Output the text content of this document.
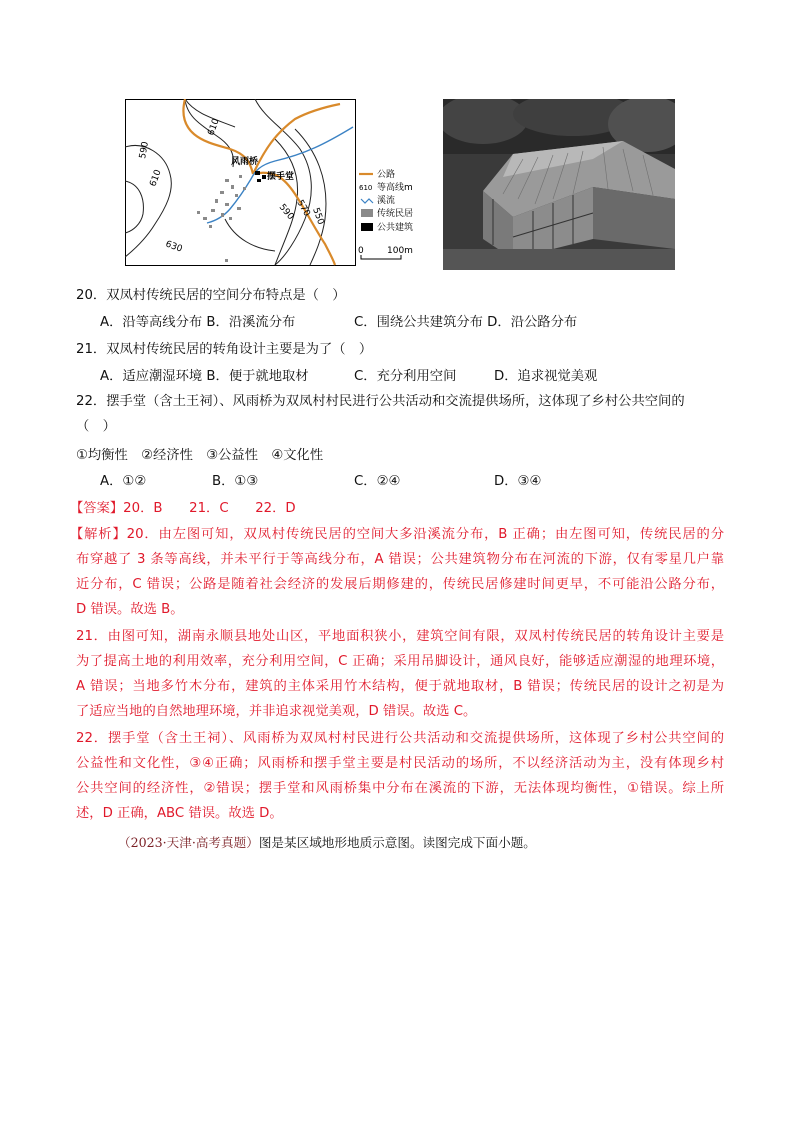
610
590
610
630
590
570
550
风雨桥
摆手堂	公路
610 等高线m
溪流
传统民居
公共建筑
0	100m
20．双凤村传统民居的空间分布特点是（　）
A．沿等高线分布 B．沿溪流分布	C．围绕公共建筑分布 D．沿公路分布
21．双凤村传统民居的转角设计主要是为了（　）
A．适应潮湿环境 B．便于就地取材	C．充分利用空间	D．追求视觉美观
22．摆手堂（含土王祠）、风雨桥为双凤村村民进行公共活动和交流提供场所，这体现了乡村公共空间的
（　）
①均衡性　②经济性　③公益性　④文化性
A．①②	B．①③	C．②④	D．③④
【答案】20．B　　21．C　　22．D
【解析】20．由左图可知，双凤村传统民居的空间大多沿溪流分布，B 正确；由左图可知，传统民居的分
布穿越了 3 条等高线，并未平行于等高线分布，A 错误；公共建筑物分布在河流的下游，仅有零星几户靠
近分布，C 错误；公路是随着社会经济的发展后期修建的，传统民居修建时间更早，不可能沿公路分布，
D 错误。故选 B。
21．由图可知，湖南永顺县地处山区，平地面积狭小，建筑空间有限，双凤村传统民居的转角设计主要是
为了提高土地的利用效率，充分利用空间，C 正确；采用吊脚设计，通风良好，能够适应潮湿的地理环境，
A 错误；当地多竹木分布，建筑的主体采用竹木结构，便于就地取材，B 错误；传统民居的设计之初是为
了适应当地的自然地理环境，并非追求视觉美观，D 错误。故选 C。
22．摆手堂（含土王祠）、风雨桥为双凤村村民进行公共活动和交流提供场所，这体现了乡村公共空间的
公益性和文化性，③④正确；风雨桥和摆手堂主要是村民活动的场所，不以经济活动为主，没有体现乡村
公共空间的经济性，②错误；摆手堂和风雨桥集中分布在溪流的下游，无法体现均衡性，①错误。综上所
述，D 正确，ABC 错误。故选 D。
（2023·天津·高考真题）图是某区域地形地质示意图。读图完成下面小题。
